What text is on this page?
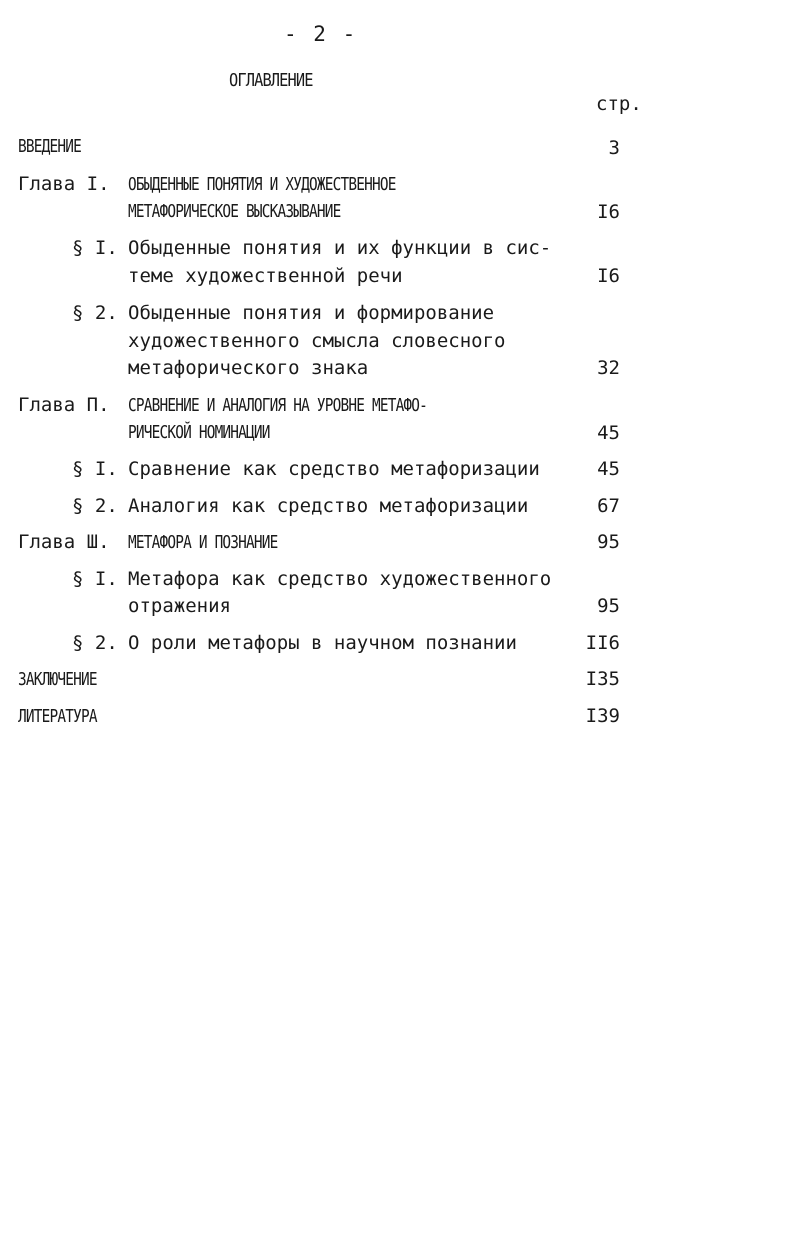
- 2 -
ОГЛАВЛЕНИЕ
стр.
ВВЕДЕНИЕ	3
Глава I. ОБЫДЕННЫЕ ПОНЯТИЯ И ХУДОЖЕСТВЕННОЕ
МЕТАФОРИЧЕСКОЕ ВЫСКАЗЫВАНИЕ	I6
§ I. Обыденные понятия и их функции в сис-
теме художественной речи	I6
§ 2. Обыденные понятия и формирование
художественного смысла словесного
метафорического знака	32
Глава П. СРАВНЕНИЕ И АНАЛОГИЯ НА УРОВНЕ МЕТАФО-
РИЧЕСКОЙ НОМИНАЦИИ	45
§ I. Сравнение как средство метафоризации	45
§ 2. Аналогия как средство метафоризации	67
Глава Ш. МЕТАФОРА И ПОЗНАНИЕ	95
§ I. Метафора как средство художественного
отражения	95
§ 2. О роли метафоры в научном познании	II6
ЗАКЛЮЧЕНИЕ	I35
ЛИТЕРАТУРА	I39
